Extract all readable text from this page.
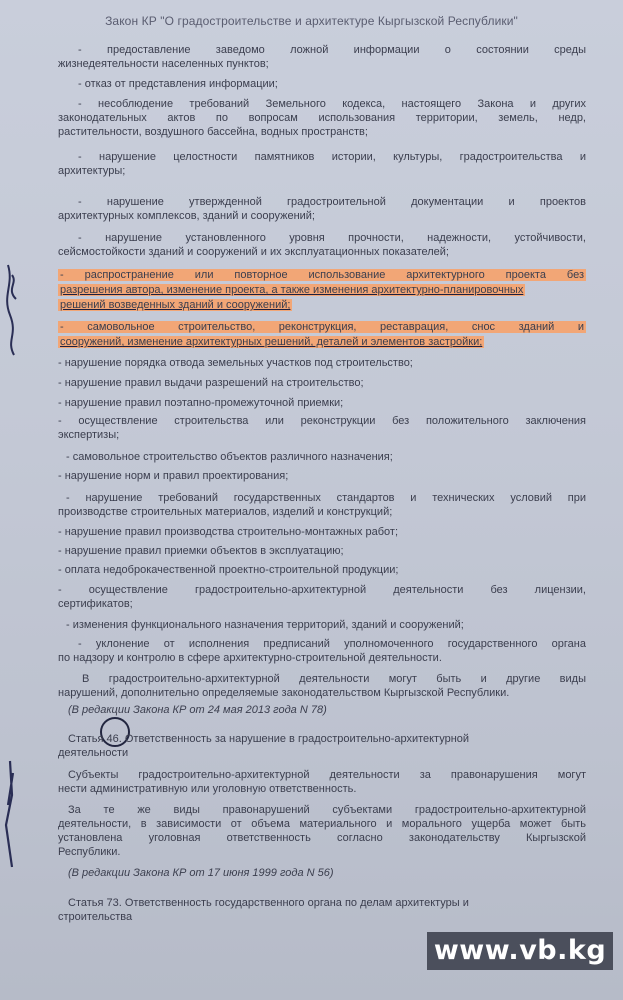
Закон КР "О градостроительстве и архитектуре Кыргызской Республики"
- предоставление заведомо ложной информации о состоянии среды
жизнедеятельности населенных пунктов;
- отказ от представления информации;
- несоблюдение требований Земельного кодекса, настоящего Закона и других
законодательных актов по вопросам использования территории, земель, недр,
растительности, воздушного бассейна, водных пространств;
- нарушение целостности памятников истории, культуры, градостроительства и
архитектуры;
- нарушение утвержденной градостроительной документации и проектов
архитектурных комплексов, зданий и сооружений;
- нарушение установленного уровня прочности, надежности, устойчивости,
сейсмостойкости зданий и сооружений и их эксплуатационных показателей;
- распространение или повторное использование архитектурного проекта без
разрешения автора, изменение проекта, а также изменения архитектурно-планировочных
решений возведенных зданий и сооружений;
- самовольное строительство, реконструкция, реставрация, снос зданий и
сооружений, изменение архитектурных решений, деталей и элементов застройки;
- нарушение порядка отвода земельных участков под строительство;
- нарушение правил выдачи разрешений на строительство;
- нарушение правил поэтапно-промежуточной приемки;
- осуществление строительства или реконструкции без положительного заключения
экспертизы;
- самовольное строительство объектов различного назначения;
- нарушение норм и правил проектирования;
- нарушение требований государственных стандартов и технических условий при
производстве строительных материалов, изделий и конструкций;
- нарушение правил производства строительно-монтажных работ;
- нарушение правил приемки объектов в эксплуатацию;
- оплата недоброкачественной проектно-строительной продукции;
- осуществление градостроительно-архитектурной деятельности без лицензии,
сертификатов;
- изменения функционального назначения территорий, зданий и сооружений;
- уклонение от исполнения предписаний уполномоченного государственного органа
по надзору и контролю в сфере архитектурно-строительной деятельности.
В градостроительно-архитектурной деятельности могут быть и другие виды
нарушений, дополнительно определяемые законодательством Кыргызской Республики.
(В редакции Закона КР от 24 мая 2013 года N 78)
Статья 46. Ответственность за нарушение в градостроительно-архитектурной
деятельности
Субъекты градостроительно-архитектурной деятельности за правонарушения могут
нести административную или уголовную ответственность.
За те же виды правонарушений субъектами градостроительно-архитектурной
деятельности, в зависимости от объема материального и морального ущерба может быть
установлена уголовная ответственность согласно законодательству Кыргызской
Республики.
(В редакции Закона КР от 17 июня 1999 года N 56)
Статья 73. Ответственность государственного органа по делам архитектуры и
строительства
www.vb.kg
